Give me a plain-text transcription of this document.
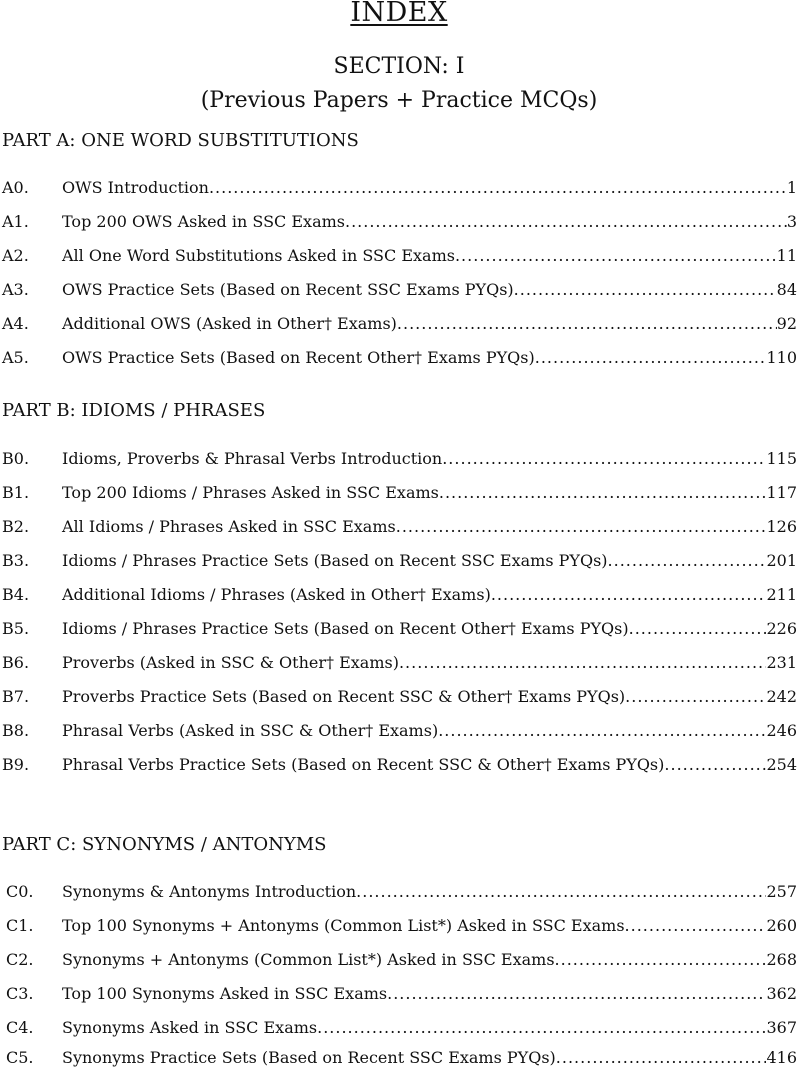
INDEX
SECTION: I
(Previous Papers + Practice MCQs)
PART A: ONE WORD SUBSTITUTIONS
A0. OWS Introduction .....	1
A1. Top 200 OWS Asked in SSC Exams .....	3
A2. All One Word Substitutions Asked in SSC Exams .....	11
A3. OWS Practice Sets (Based on Recent SSC Exams PYQs) .....	84
A4. Additional OWS (Asked in Other† Exams) .....	92
A5. OWS Practice Sets (Based on Recent Other† Exams PYQs) .....	110
PART B: IDIOMS / PHRASES
B0. Idioms, Proverbs & Phrasal Verbs Introduction .....	115
B1. Top 200 Idioms / Phrases Asked in SSC Exams .....	117
B2. All Idioms / Phrases Asked in SSC Exams .....	126
B3. Idioms / Phrases Practice Sets (Based on Recent SSC Exams PYQs) .....	201
B4. Additional Idioms / Phrases (Asked in Other† Exams) .....	211
B5. Idioms / Phrases Practice Sets (Based on Recent Other† Exams PYQs) .....	226
B6. Proverbs (Asked in SSC & Other† Exams) .....	231
B7. Proverbs Practice Sets (Based on Recent SSC & Other† Exams PYQs) .....	242
B8. Phrasal Verbs (Asked in SSC & Other† Exams) .....	246
B9. Phrasal Verbs Practice Sets (Based on Recent SSC & Other† Exams PYQs) .....	254
PART C: SYNONYMS / ANTONYMS
C0. Synonyms & Antonyms Introduction .....	257
C1. Top 100 Synonyms + Antonyms (Common List*) Asked in SSC Exams .....	260
C2. Synonyms + Antonyms (Common List*) Asked in SSC Exams .....	268
C3. Top 100 Synonyms Asked in SSC Exams .....	362
C4. Synonyms Asked in SSC Exams .....	367
C5. Synonyms Practice Sets (Based on Recent SSC Exams PYQs) .....	416
